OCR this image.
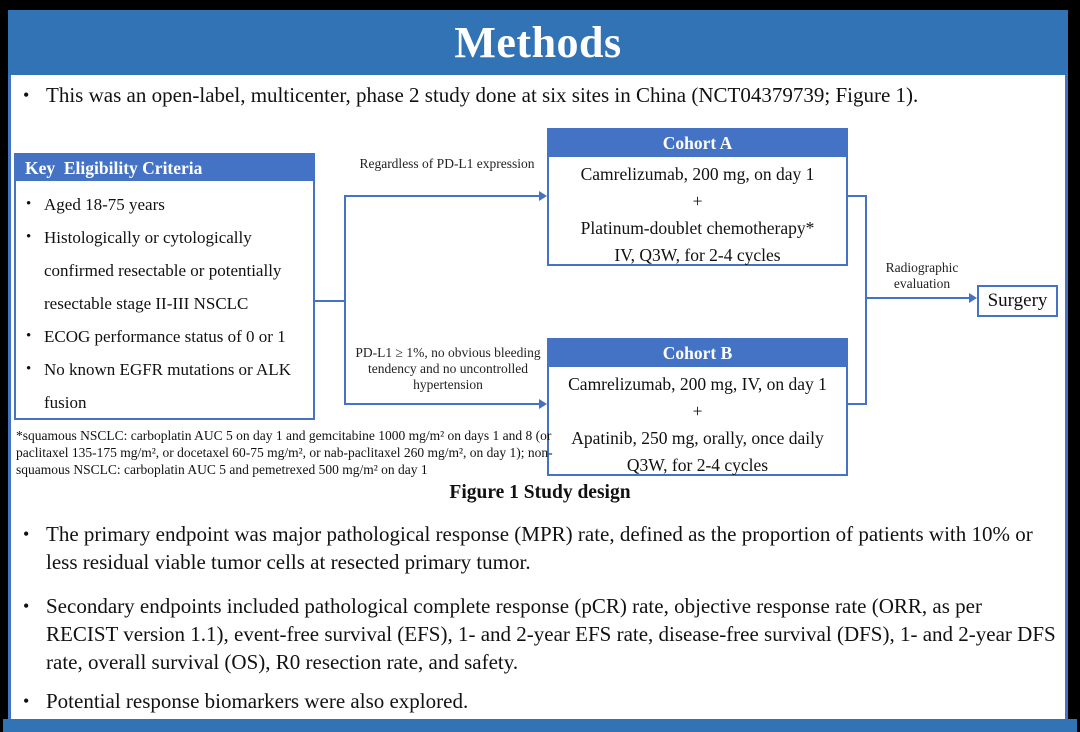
Methods
• This was an open-label, multicenter, phase 2 study done at six sites in China (NCT04379739; Figure 1).
Key  Eligibility Criteria
• Aged 18-75 years
• Histologically or cytologically confirmed resectable or potentially resectable stage II-III NSCLC
• ECOG performance status of 0 or 1
• No known EGFR mutations or ALK fusion
Cohort A
Camrelizumab, 200 mg, on day 1
+
Platinum-doublet chemotherapy*
IV, Q3W, for 2-4 cycles
Cohort B
Camrelizumab, 200 mg, IV, on day 1
+
Apatinib, 250 mg, orally, once daily
Q3W, for 2-4 cycles
Regardless of PD-L1 expression
PD-L1 ≥ 1%, no obvious bleeding tendency and no uncontrolled hypertension
Radiographic evaluation
Surgery
*squamous NSCLC: carboplatin AUC 5 on day 1 and gemcitabine 1000 mg/m² on days 1 and 8 (or
paclitaxel 135-175 mg/m², or docetaxel 60-75 mg/m², or nab-paclitaxel 260 mg/m², on day 1); non-
squamous NSCLC: carboplatin AUC 5 and pemetrexed 500 mg/m² on day 1
Figure 1 Study design
• The primary endpoint was major pathological response (MPR) rate, defined as the proportion of patients with 10% or less residual viable tumor cells at resected primary tumor.
• Secondary endpoints included pathological complete response (pCR) rate, objective response rate (ORR, as per RECIST version 1.1), event-free survival (EFS), 1- and 2-year EFS rate, disease-free survival (DFS), 1- and 2-year DFS rate, overall survival (OS), R0 resection rate, and safety.
• Potential response biomarkers were also explored.
